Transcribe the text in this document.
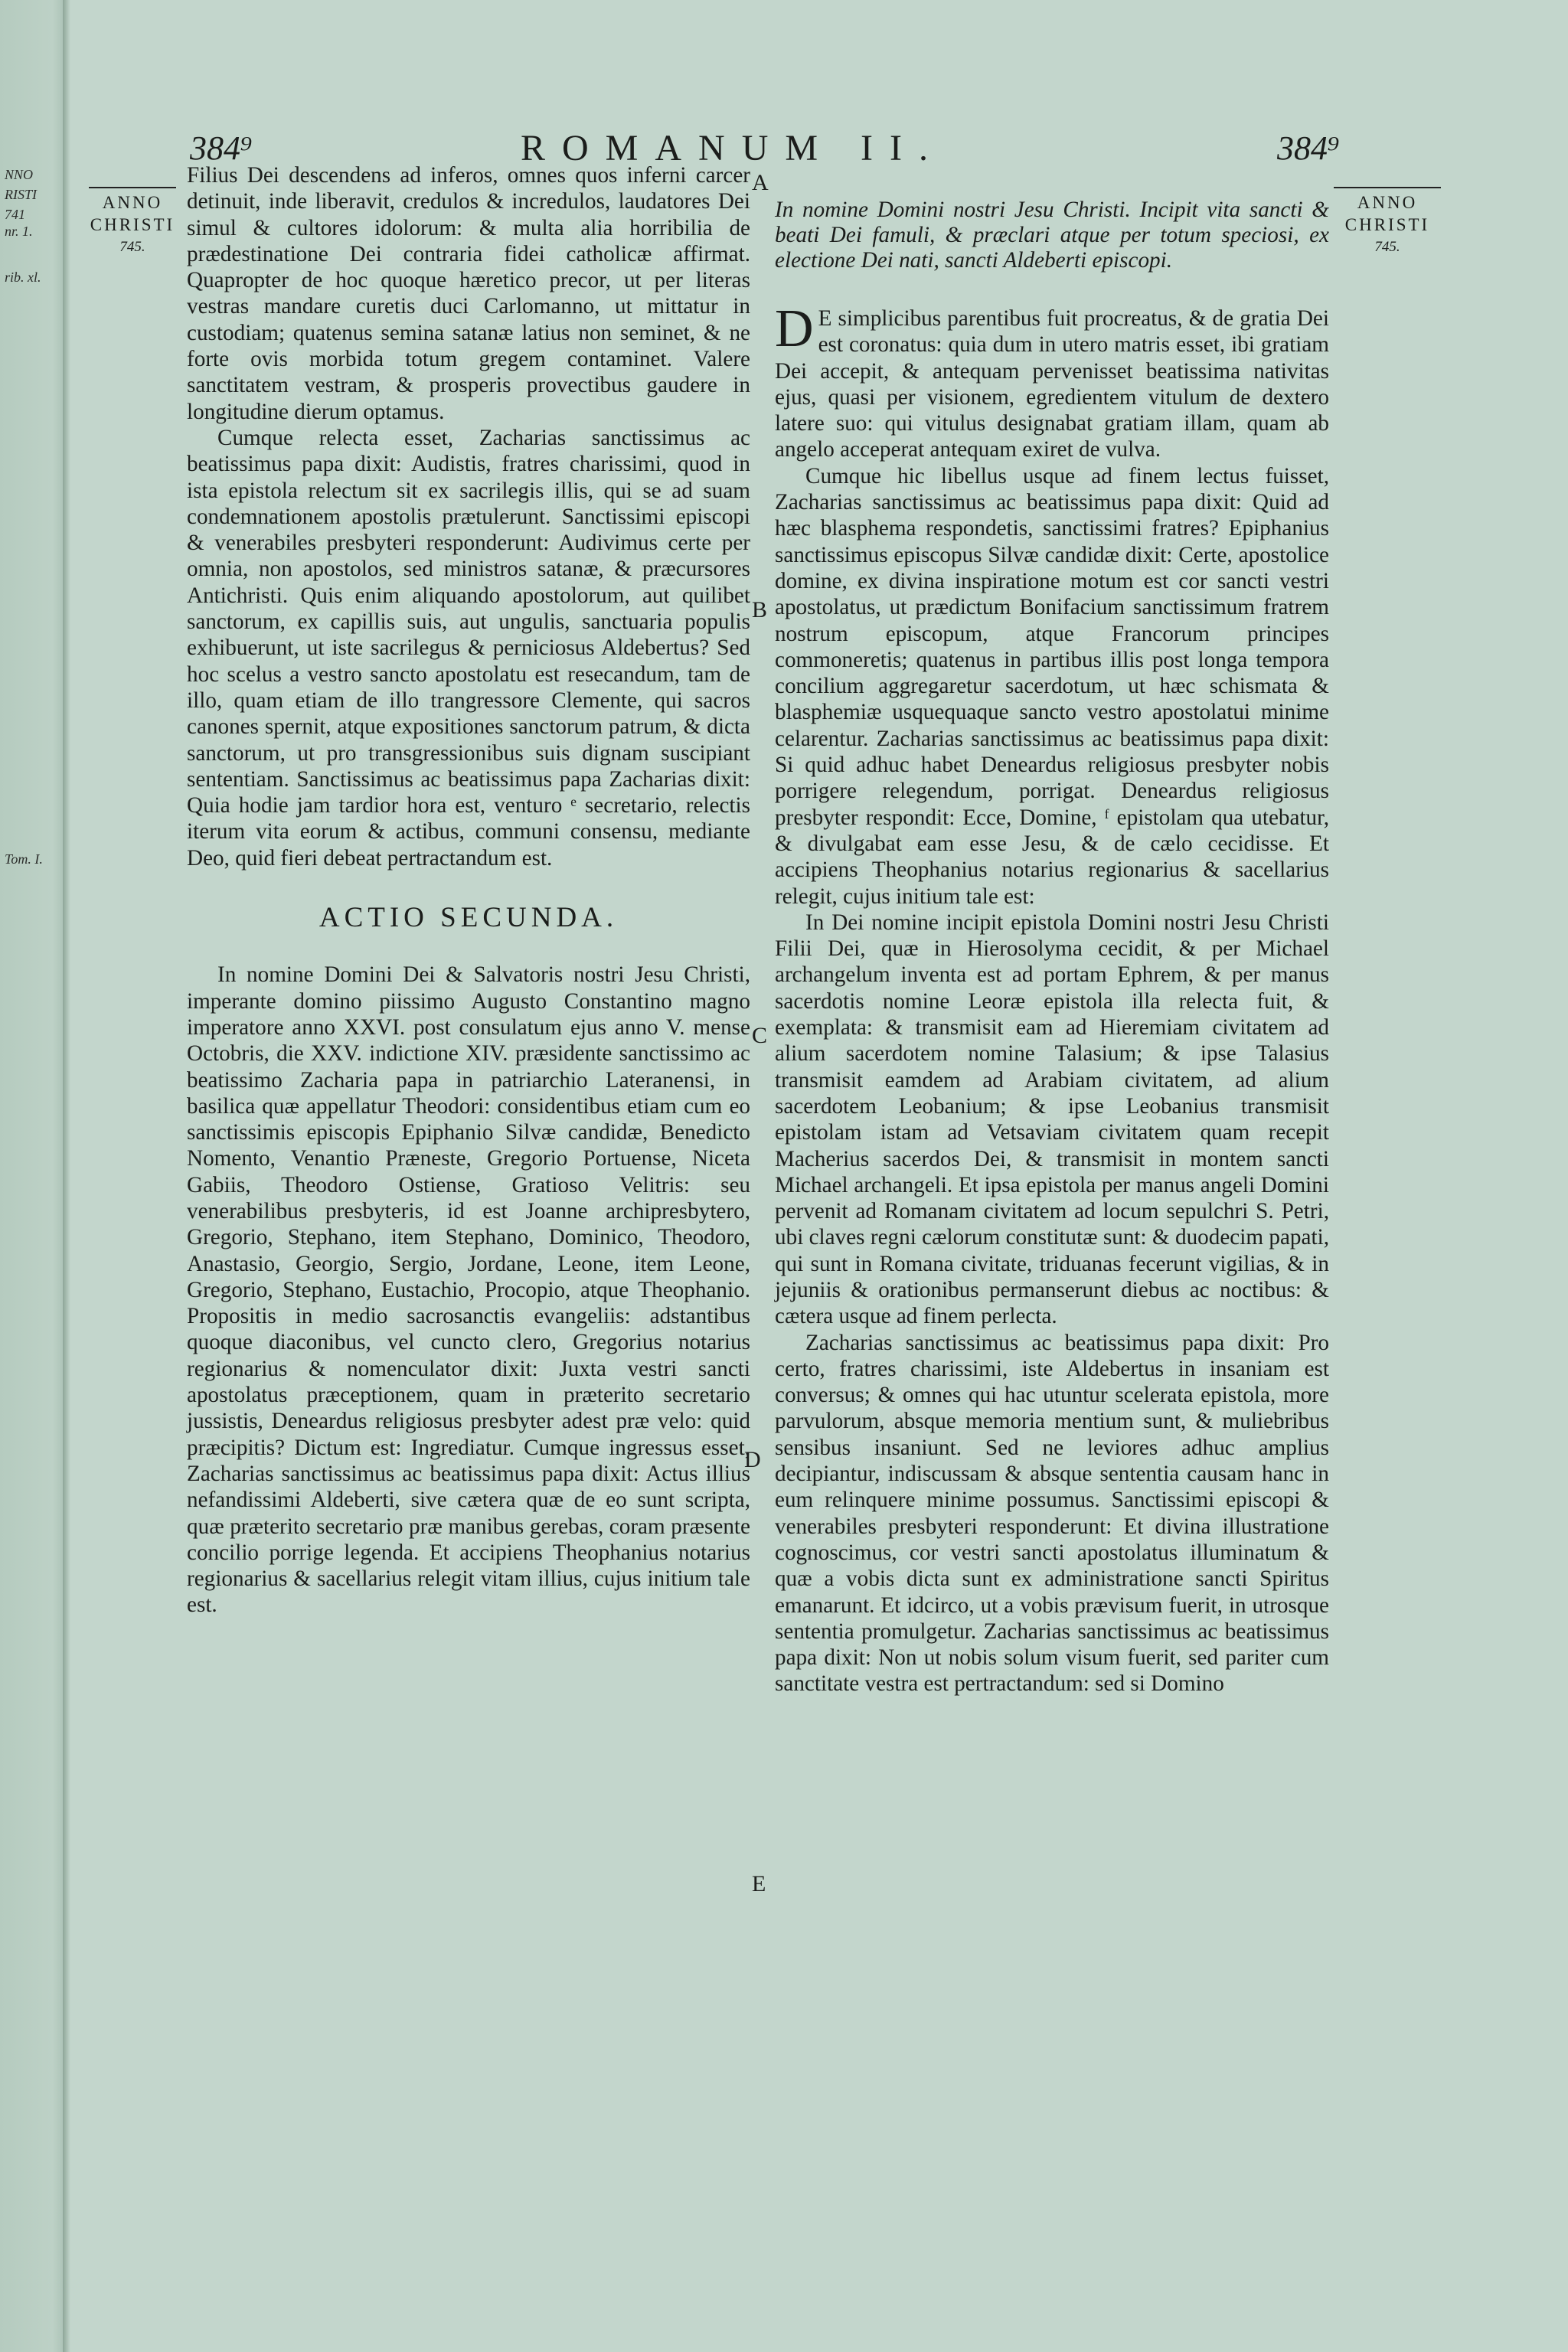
NNO
RISTI
741
nr. 1.
rib. xl.
Tom. I.
384⁹	ROMANUM II.	384⁹
ANNO
CHRISTI
745.
ANNO
CHRISTI
745.

Filius Dei descendens ad inferos, omnes quos inferni carcer detinuit, inde liberavit, credulos & incredulos, laudatores Dei simul & cultores idolorum: & multa alia horribilia de prædestinatione Dei contraria fidei catholicæ affirmat. Quapropter de hoc quoque hæretico precor, ut per literas vestras mandare curetis duci Carlomanno, ut mittatur in custodiam; quatenus semina satanæ latius non seminet, & ne forte ovis morbida totum gregem contaminet. Valere sanctitatem vestram, & prosperis provectibus gaudere in longitudine dierum optamus.

Cumque relecta esset, Zacharias sanctissimus ac beatissimus papa dixit: Audistis, fratres charissimi, quod in ista epistola relectum sit ex sacrilegis illis, qui se ad suam condemnationem apostolis prætulerunt. Sanctissimi episcopi & venerabiles presbyteri responderunt: Audivimus certe per omnia, non apostolos, sed ministros satanæ, & præcursores Antichristi. Quis enim aliquando apostolorum, aut quilibet sanctorum, ex capillis suis, aut ungulis, sanctuaria populis exhibuerunt, ut iste sacrilegus & perniciosus Aldebertus? Sed hoc scelus a vestro sancto apostolatu est resecandum, tam de illo, quam etiam de illo trangressore Clemente, qui sacros canones spernit, atque expositiones sanctorum patrum, & dicta sanctorum, ut pro transgressionibus suis dignam suscipiant sententiam. Sanctissimus ac beatissimus papa Zacharias dixit: Quia hodie jam tardior hora est, venturo ᵉ secretario, relectis iterum vita eorum & actibus, communi consensu, mediante Deo, quid fieri debeat pertractandum est.

ACTIO SECUNDA.

In nomine Domini Dei & Salvatoris nostri Jesu Christi, imperante domino piissimo Augusto Constantino magno imperatore anno XXVI. post consulatum ejus anno V. mense Octobris, die XXV. indictione XIV. præsidente sanctissimo ac beatissimo Zacharia papa in patriarchio Lateranensi, in basilica quæ appellatur Theodori: considentibus etiam cum eo sanctissimis episcopis Epiphanio Silvæ candidæ, Benedicto Nomento, Venantio Præneste, Gregorio Portuense, Niceta Gabiis, Theodoro Ostiense, Gratioso Velitris: seu venerabilibus presbyteris, id est Joanne archipresbytero, Gregorio, Stephano, item Stephano, Dominico, Theodoro, Anastasio, Georgio, Sergio, Jordane, Leone, item Leone, Gregorio, Stephano, Eustachio, Procopio, atque Theophanio. Propositis in medio sacrosanctis evangeliis: adstantibus quoque diaconibus, vel cuncto clero, Gregorius notarius regionarius & nomenculator dixit: Juxta vestri sancti apostolatus præceptionem, quam in præterito secretario jussistis, Deneardus religiosus presbyter adest præ velo: quid præcipitis? Dictum est: Ingrediatur. Cumque ingressus esset, Zacharias sanctissimus ac beatissimus papa dixit: Actus illius nefandissimi Aldeberti, sive cætera quæ de eo sunt scripta, quæ præterito secretario præ manibus gerebas, coram præsente concilio porrige legenda. Et accipiens Theophanius notarius regionarius & sacellarius relegit vitam illius, cujus initium tale est.

In nomine Domini nostri Jesu Christi. Incipit vita sancti & beati Dei famuli, & præclari atque per totum speciosi, ex electione Dei nati, sancti Aldeberti episcopi.

D E simplicibus parentibus fuit procreatus, & de gratia Dei est coronatus: quia dum in utero matris esset, ibi gratiam Dei accepit, & antequam pervenisset beatissima nativitas ejus, quasi per visionem, egredientem vitulum de dextero latere suo: qui vitulus designabat gratiam illam, quam ab angelo acceperat antequam exiret de vulva.

Cumque hic libellus usque ad finem lectus fuisset, Zacharias sanctissimus ac beatissimus papa dixit: Quid ad hæc blasphema respondetis, sanctissimi fratres? Epiphanius sanctissimus episcopus Silvæ candidæ dixit: Certe, apostolice domine, ex divina inspiratione motum est cor sancti vestri apostolatus, ut prædictum Bonifacium sanctissimum fratrem nostrum episcopum, atque Francorum principes commoneretis; quatenus in partibus illis post longa tempora concilium aggregaretur sacerdotum, ut hæc schismata & blasphemiæ usquequaque sancto vestro apostolatui minime celarentur. Zacharias sanctissimus ac beatissimus papa dixit: Si quid adhuc habet Deneardus religiosus presbyter nobis porrigere relegendum, porrigat. Deneardus religiosus presbyter respondit: Ecce, Domine, ᶠ epistolam qua utebatur, & divulgabat eam esse Jesu, & de cælo cecidisse. Et accipiens Theophanius notarius regionarius & sacellarius relegit, cujus initium tale est:

In Dei nomine incipit epistola Domini nostri Jesu Christi Filii Dei, quæ in Hierosolyma cecidit, & per Michael archangelum inventa est ad portam Ephrem, & per manus sacerdotis nomine Leoræ epistola illa relecta fuit, & exemplata: & transmisit eam ad Hieremiam civitatem ad alium sacerdotem nomine Talasium; & ipse Talasius transmisit eamdem ad Arabiam civitatem, ad alium sacerdotem Leobanium; & ipse Leobanius transmisit epistolam istam ad Vetsaviam civitatem quam recepit Macherius sacerdos Dei, & transmisit in montem sancti Michael archangeli. Et ipsa epistola per manus angeli Domini pervenit ad Romanam civitatem ad locum sepulchri S. Petri, ubi claves regni cælorum constitutæ sunt: & duodecim papati, qui sunt in Romana civitate, triduanas fecerunt vigilias, & in jejuniis & orationibus permanserunt diebus ac noctibus: & cætera usque ad finem perlecta.

Zacharias sanctissimus ac beatissimus papa dixit: Pro certo, fratres charissimi, iste Aldebertus in insaniam est conversus; & omnes qui hac utuntur scelerata epistola, more parvulorum, absque memoria mentium sunt, & muliebribus sensibus insaniunt. Sed ne leviores adhuc amplius decipiantur, indiscussam & absque sententia causam hanc in eum relinquere minime possumus. Sanctissimi episcopi & venerabiles presbyteri responderunt: Et divina illustratione cognoscimus, cor vestri sancti apostolatus illuminatum & quæ a vobis dicta sunt ex administratione sancti Spiritus emanarunt. Et idcirco, ut a vobis prævisum fuerit, in utrosque sententia promulgetur. Zacharias sanctissimus ac beatissimus papa dixit: Non ut nobis solum visum fuerit, sed pariter cum sanctitate vestra est pertractandum: sed si Domino

A
B
C
D
E
